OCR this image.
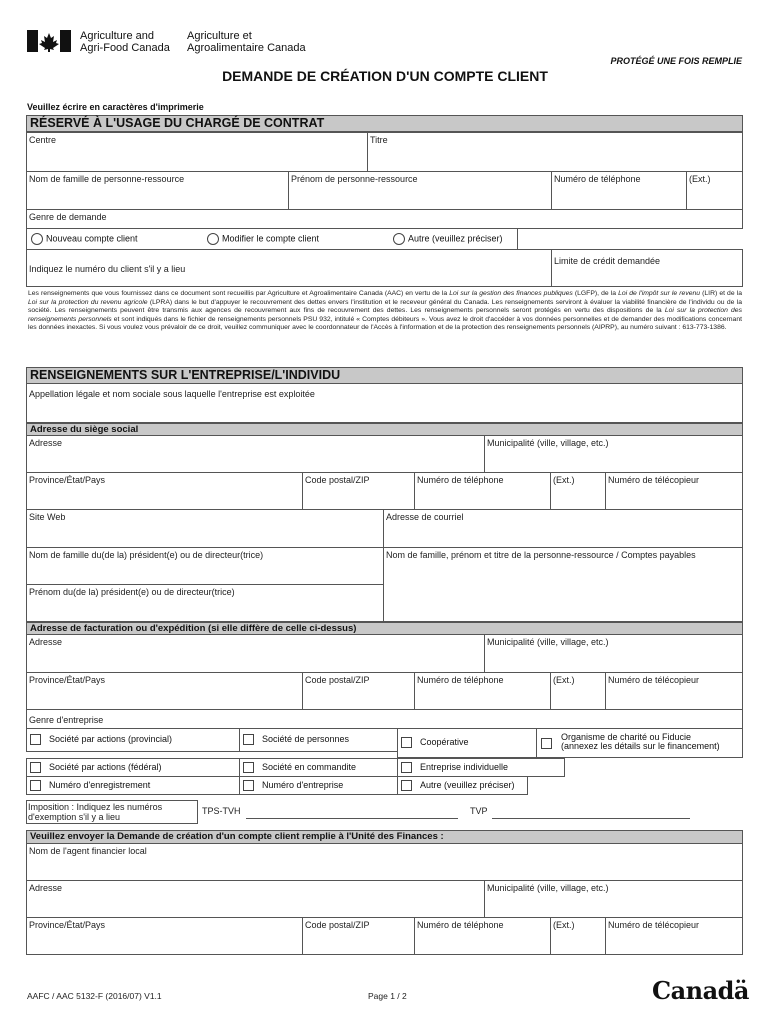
Agriculture and
Agri-Food Canada
Agriculture et
Agroalimentaire Canada
PROTÉGÉ UNE FOIS REMPLIE
DEMANDE DE CRÉATION D'UN COMPTE CLIENT
Veuillez écrire en caractères d'imprimerie
RÉSERVÉ À L'USAGE DU CHARGÉ DE CONTRAT
Centre	Titre
Nom de famille de personne-ressource	Prénom de personne-ressource	Numéro de téléphone	(Ext.)
Genre de demande
Nouveau compte client	Modifier le compte client	Autre (veuillez préciser)
Indiquez le numéro du client s'il y a lieu
Limite de crédit demandée
Les renseignements que vous fournissez dans ce document sont recueillis par Agriculture et Agroalimentaire Canada (AAC) en vertu de la Loi sur la gestion des finances publiques (LGFP), de la Loi de l'impôt sur le revenu (LIR) et de la Loi sur la protection du revenu agricole (LPRA) dans le but d'appuyer le recouvrement des dettes envers l'institution et le receveur général du Canada. Les renseignements serviront à évaluer la viabilité financière de l'individu ou de la société. Les renseignements peuvent être transmis aux agences de recouvrement aux fins de recouvrement des dettes. Les renseignements personnels seront protégés en vertu des dispositions de la Loi sur la protection des renseignements personnels et sont indiqués dans le fichier de renseignements personnels PSU 932, intitulé « Comptes débiteurs ». Vous avez le droit d'accéder à vos données personnelles et de demander des modifications concernant les données inexactes. Si vous voulez vous prévaloir de ce droit, veuillez communiquer avec le coordonnateur de l'Accès à l'information et de la protection des renseignements personnels (AIPRP), au numéro suivant : 613-773-1386.
RENSEIGNEMENTS SUR L'ENTREPRISE/L'INDIVIDU
Appellation légale et nom sociale sous laquelle l'entreprise est exploitée
Adresse du siège social
Adresse	Municipalité (ville, village, etc.)
Province/État/Pays	Code postal/ZIP	Numéro de téléphone	(Ext.)	Numéro de télécopieur
Site Web	Adresse de courriel
Nom de famille du(de la) président(e) ou de directeur(trice)	Nom de famille, prénom et titre de la personne-ressource / Comptes payables
Prénom du(de la) président(e) ou de directeur(trice)
Adresse de facturation ou d'expédition (si elle diffère de celle ci-dessus)
Adresse	Municipalité (ville, village, etc.)
Province/État/Pays	Code postal/ZIP	Numéro de téléphone	(Ext.)	Numéro de télécopieur
Genre d'entreprise
Société par actions (provincial)	Société de personnes	Coopérative	Organisme de charité ou Fiducie
(annexez les détails sur le financement)
Société par actions (fédéral)	Société en commandite	Entreprise individuelle
Numéro d'enregistrement	Numéro d'entreprise	Autre (veuillez préciser)
Imposition : Indiquez les numéros
d'exemption s'il y a lieu
TPS-TVH	TVP
Veuillez envoyer la Demande de création d'un compte client remplie à l'Unité des Finances :
Nom de l'agent financier local
Adresse	Municipalité (ville, village, etc.)
Province/État/Pays	Code postal/ZIP	Numéro de téléphone	(Ext.)	Numéro de télécopieur
AAFC / AAC 5132-F (2016/07) V1.1	Page 1 / 2	Canadä
